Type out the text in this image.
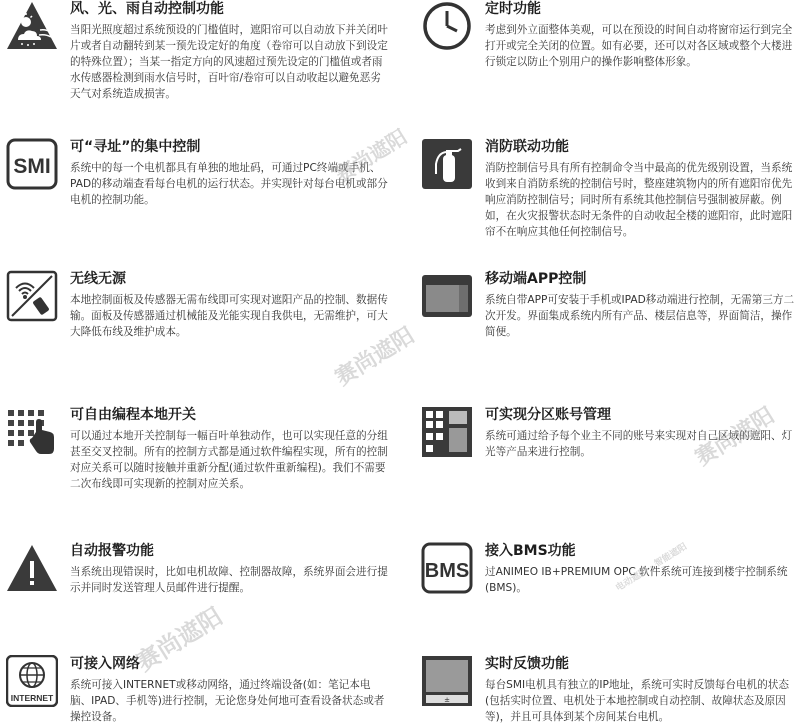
风、光、雨自动控制功能
当阳光照度超过系统预设的门槛值时，遮阳帘可以自动放下并关闭叶片或者自动翻转到某一预先设定好的角度（卷帘可以自动放下到设定的特殊位置）；当某一指定方向的风速超过预先设定的门槛值或者雨水传感器检测到雨水信号时，百叶帘/卷帘可以自动收起以避免恶劣天气对系统造成损害。
定时功能
考虑到外立面整体美观，可以在预设的时间自动将窗帘运行到完全打开或完全关闭的位置。如有必要，还可以对各区域或整个大楼进行锁定以防止个别用户的操作影响整体形象。
SMI
可“寻址”的集中控制
系统中的每一个电机都具有单独的地址码，可通过PC终端或手机、PAD的移动端查看每台电机的运行状态。并实现针对每台电机或部分电机的控制功能。
消防联动功能
消防控制信号具有所有控制命令当中最高的优先级别设置，当系统收到来自消防系统的控制信号时，整座建筑物内的所有遮阳帘优先响应消防控制信号；同时所有系统其他控制信号强制被屏蔽。例如，在火灾报警状态时无条件的自动收起全楼的遮阳帘，此时遮阳帘不在响应其他任何控制信号。
无线无源
本地控制面板及传感器无需布线即可实现对遮阳产品的控制、数据传输。面板及传感器通过机械能及光能实现自我供电，无需维护，可大大降低布线及维护成本。
移动端APP控制
系统自带APP可安装于手机或IPAD移动端进行控制，无需第三方二次开发。界面集成系统内所有产品、楼层信息等，界面简洁，操作简便。
可自由编程本地开关
可以通过本地开关控制每一幅百叶单独动作，也可以实现任意的分组甚至交叉控制。所有的控制方式都是通过软件编程实现，所有的控制对应关系可以随时接触并重新分配(通过软件重新编程)。我们不需要二次布线即可实现新的控制对应关系。
可实现分区账号管理
系统可通过给予每个业主不同的账号来实现对自己区域的遮阳、灯光等产品来进行控制。
自动报警功能
当系统出现错误时，比如电机故障、控制器故障，系统界面会进行提示并同时发送管理人员邮件进行提醒。
BMS
接入BMS功能
过ANIMEO IB+PREMIUM OPC 软件系统可连接到楼宇控制系统(BMS)。
INTERNET
可接入网络
系统可接入INTERNET或移动网络，通过终端设备(如：笔记本电脑、IPAD、手机等)进行控制，无论您身处何地可查看设备状态或者操控设备。
±
实时反馈功能
每台SMI电机具有独立的IP地址，系统可实时反馈每台电机的状态(包括实时位置、电机处于本地控制或自动控制、故障状态及原因等)，并且可具体到某个房间某台电机。
赛尚遮阳
赛尚遮阳
赛尚遮阳
赛尚遮阳
电动遮阳 · 智能遮阳
